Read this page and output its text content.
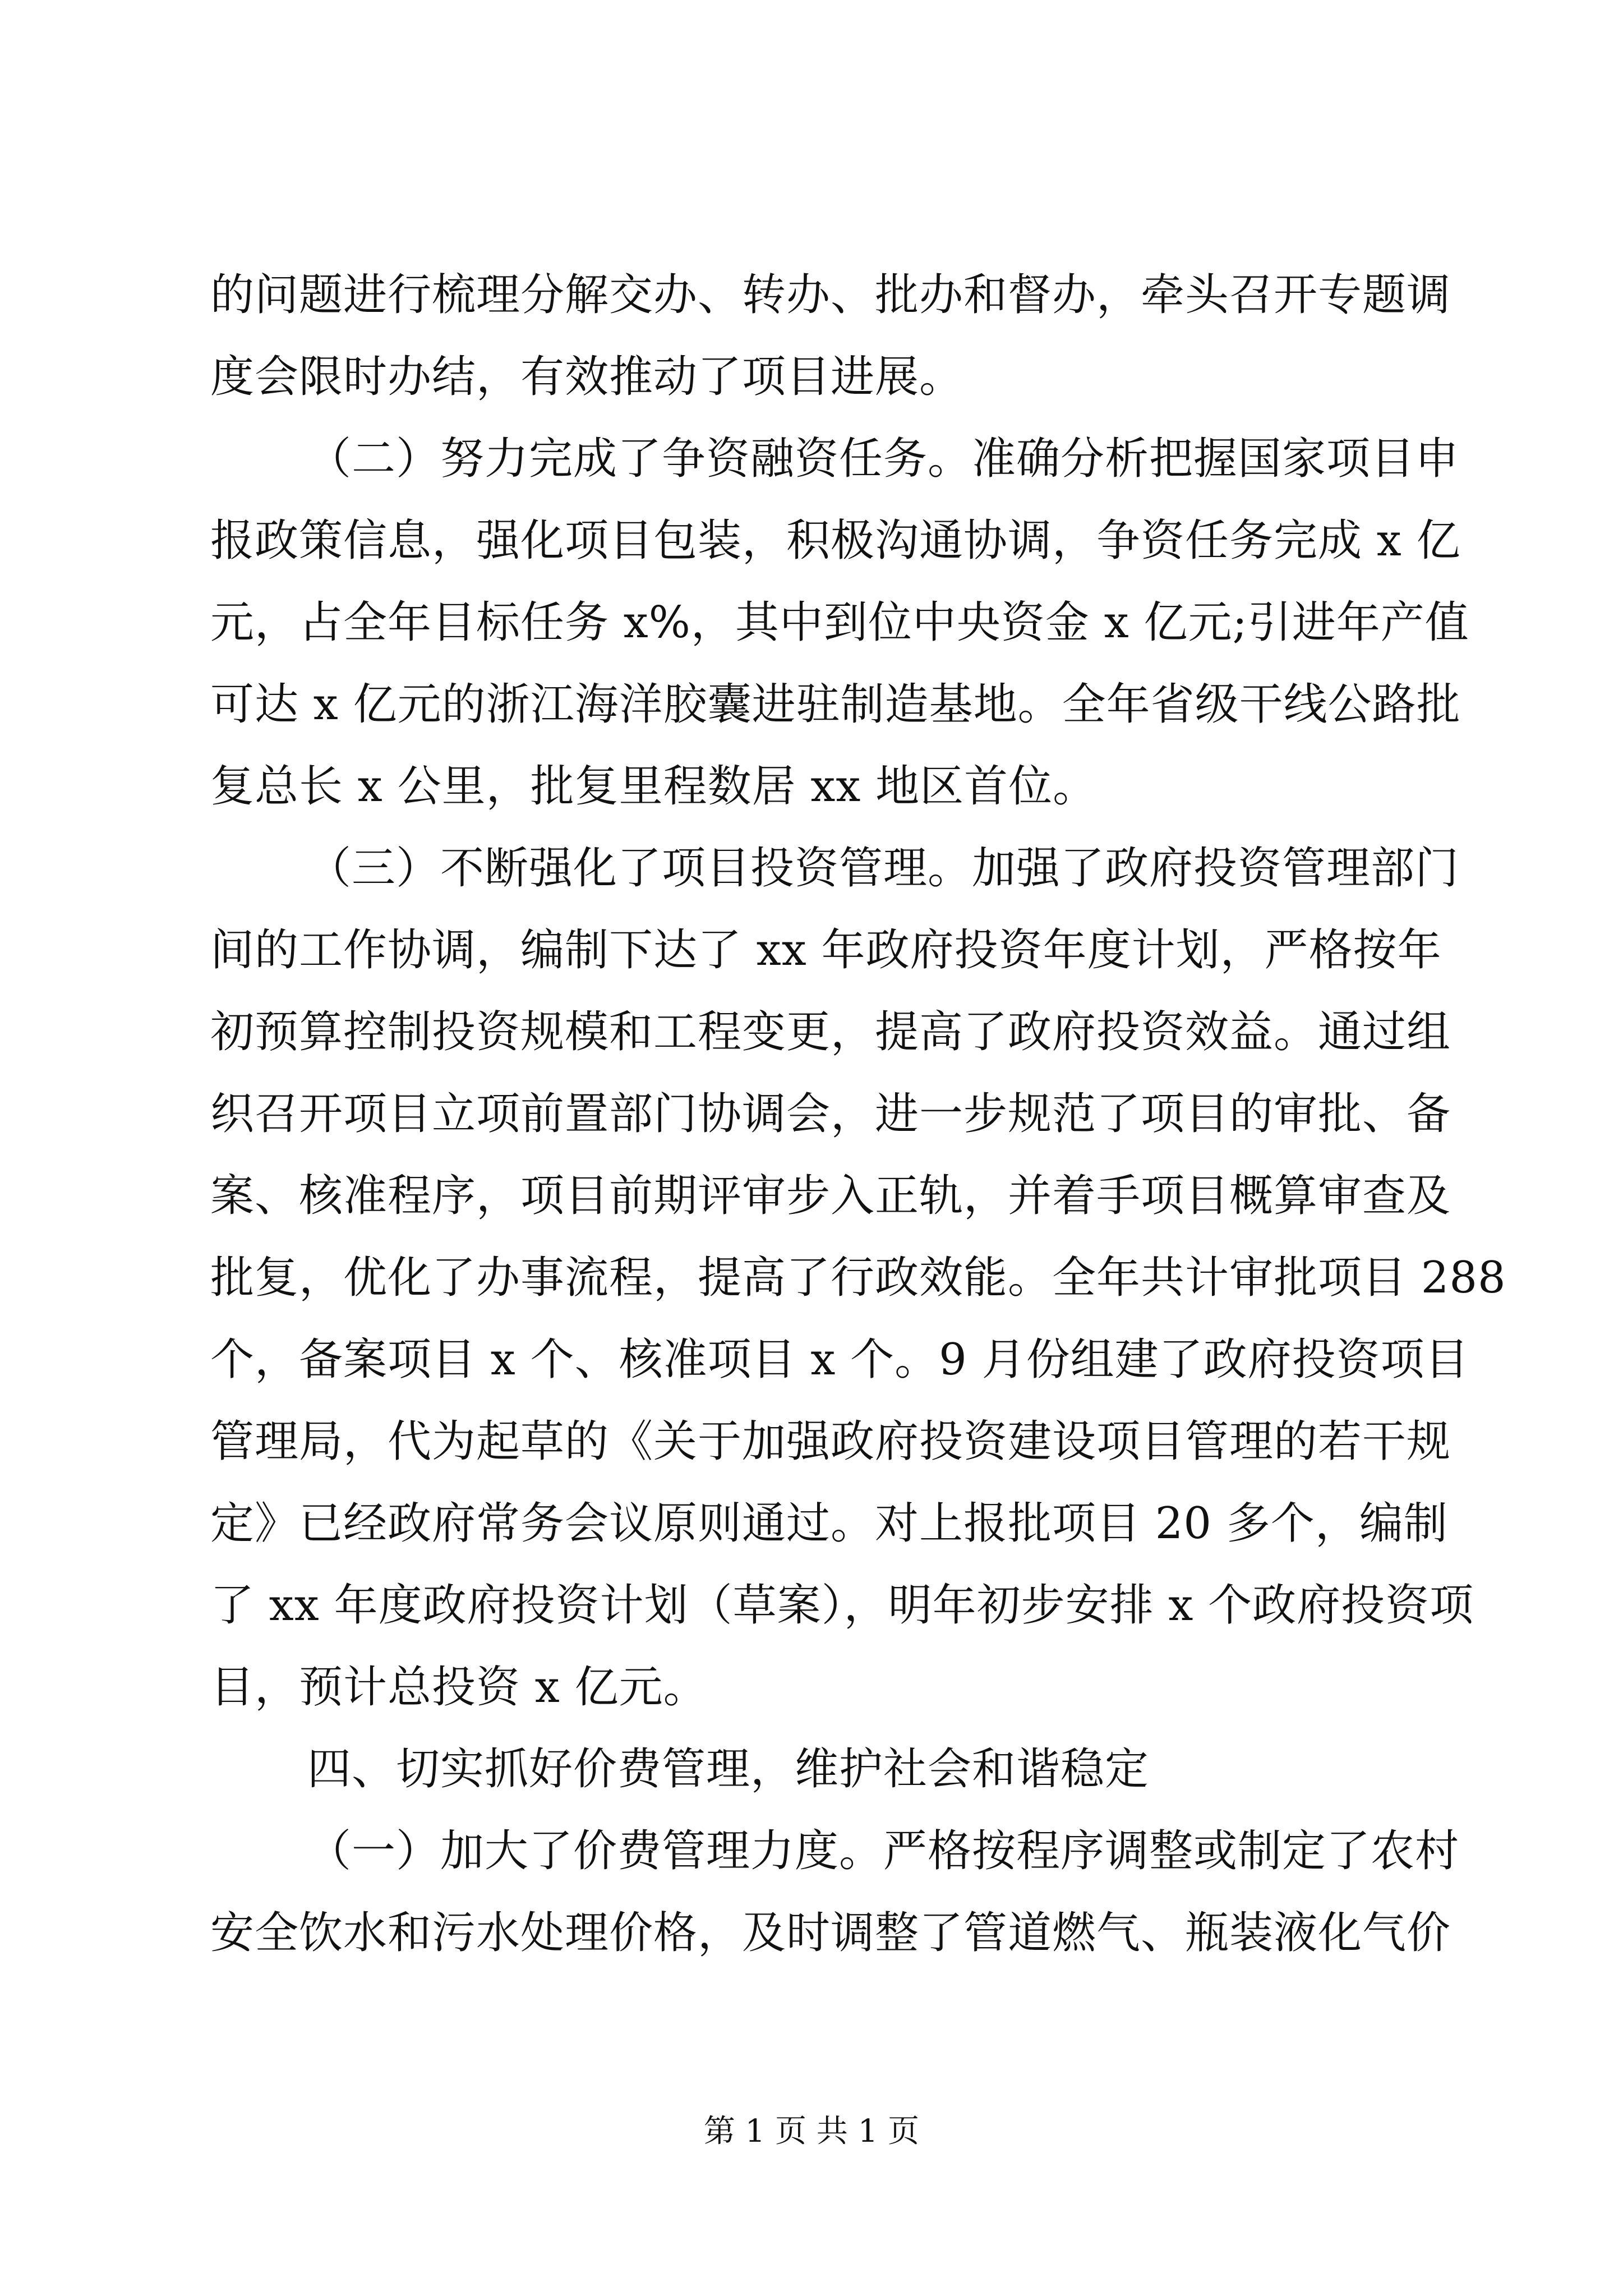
的问题进行梳理分解交办、转办、批办和督办，牵头召开专题调
度会限时办结，有效推动了项目进展。
（二）努力完成了争资融资任务。准确分析把握国家项目申
报政策信息，强化项目包装，积极沟通协调，争资任务完成 x 亿
元，占全年目标任务 x%，其中到位中央资金 x 亿元;引进年产值
可达 x 亿元的浙江海洋胶囊进驻制造基地。全年省级干线公路批
复总长 x 公里，批复里程数居 xx 地区首位。
（三）不断强化了项目投资管理。加强了政府投资管理部门
间的工作协调，编制下达了 xx 年政府投资年度计划，严格按年
初预算控制投资规模和工程变更，提高了政府投资效益。通过组
织召开项目立项前置部门协调会，进一步规范了项目的审批、备
案、核准程序，项目前期评审步入正轨，并着手项目概算审查及
批复，优化了办事流程，提高了行政效能。全年共计审批项目 288
个，备案项目 x 个、核准项目 x 个。9 月份组建了政府投资项目
管理局，代为起草的《关于加强政府投资建设项目管理的若干规
定》已经政府常务会议原则通过。对上报批项目 20 多个，编制
了 xx 年度政府投资计划（草案），明年初步安排 x 个政府投资项
目，预计总投资 x 亿元。
四、切实抓好价费管理，维护社会和谐稳定
（一）加大了价费管理力度。严格按程序调整或制定了农村
第 1 页 共 1 页
安全饮水和污水处理价格，及时调整了管道燃气、瓶装液化气价
